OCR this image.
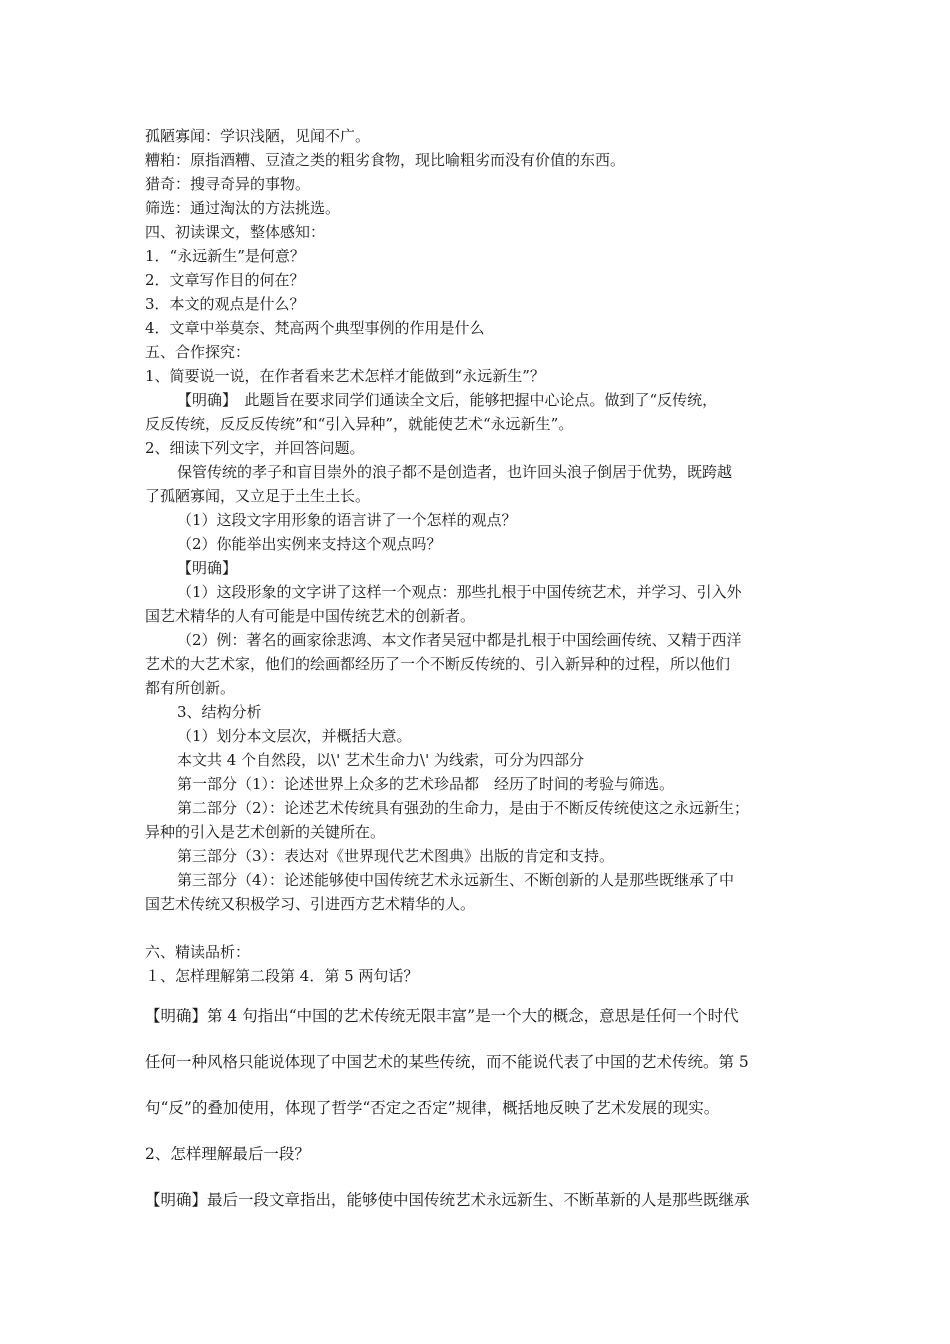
孤陋寡闻：学识浅陋，见闻不广。
糟粕：原指酒糟、豆渣之类的粗劣食物，现比喻粗劣而没有价值的东西。
猎奇：搜寻奇异的事物。
筛选：通过淘汰的方法挑选。
四、初读课文，整体感知：
1．“永远新生”是何意？
2．文章写作目的何在？
3．本文的观点是什么？
4．文章中举莫奈、梵高两个典型事例的作用是什么
五、合作探究：
1、简要说一说，在作者看来艺术怎样才能做到“永远新生”？
【明确】　此题旨在要求同学们通读全文后，能够把握中心论点。做到了“反传统，
反反传统，反反反传统”和“引入异种”，就能使艺术“永远新生”。
2、细读下列文字，并回答问题。
保管传统的孝子和盲目崇外的浪子都不是创造者，也许回头浪子倒居于优势，既跨越
了孤陋寡闻，又立足于土生土长。
（1）这段文字用形象的语言讲了一个怎样的观点？
（2）你能举出实例来支持这个观点吗？
【明确】
（1）这段形象的文字讲了这样一个观点：那些扎根于中国传统艺术，并学习、引入外
国艺术精华的人有可能是中国传统艺术的创新者。
（2）例：著名的画家徐悲鸿、本文作者吴冠中都是扎根于中国绘画传统、又精于西洋
艺术的大艺术家，他们的绘画都经历了一个不断反传统的、引入新异种的过程，所以他们
都有所创新。
3、结构分析
（1）划分本文层次，并概括大意。
本文共 4 个自然段，以\' 艺术生命力\' 为线索，可分为四部分
第一部分（1）：论述世界上众多的艺术珍品都　经历了时间的考验与筛选。
第二部分（2）：论述艺术传统具有强劲的生命力，是由于不断反传统使这之永远新生；
异种的引入是艺术创新的关键所在。
第三部分（3）：表达对《世界现代艺术图典》出版的肯定和支持。
第三部分（4）：论述能够使中国传统艺术永远新生、不断创新的人是那些既继承了中
国艺术传统又积极学习、引进西方艺术精华的人。
六、精读品析：
１、怎样理解第二段第 4．第 5 两句话？
【明确】第 4 句指出“中国的艺术传统无限丰富”是一个大的概念，意思是任何一个时代
任何一种风格只能说体现了中国艺术的某些传统，而不能说代表了中国的艺术传统。第 5
句“反”的叠加使用，体现了哲学“否定之否定”规律，概括地反映了艺术发展的现实。
2、怎样理解最后一段？
【明确】最后一段文章指出，能够使中国传统艺术永远新生、不断革新的人是那些既继承
